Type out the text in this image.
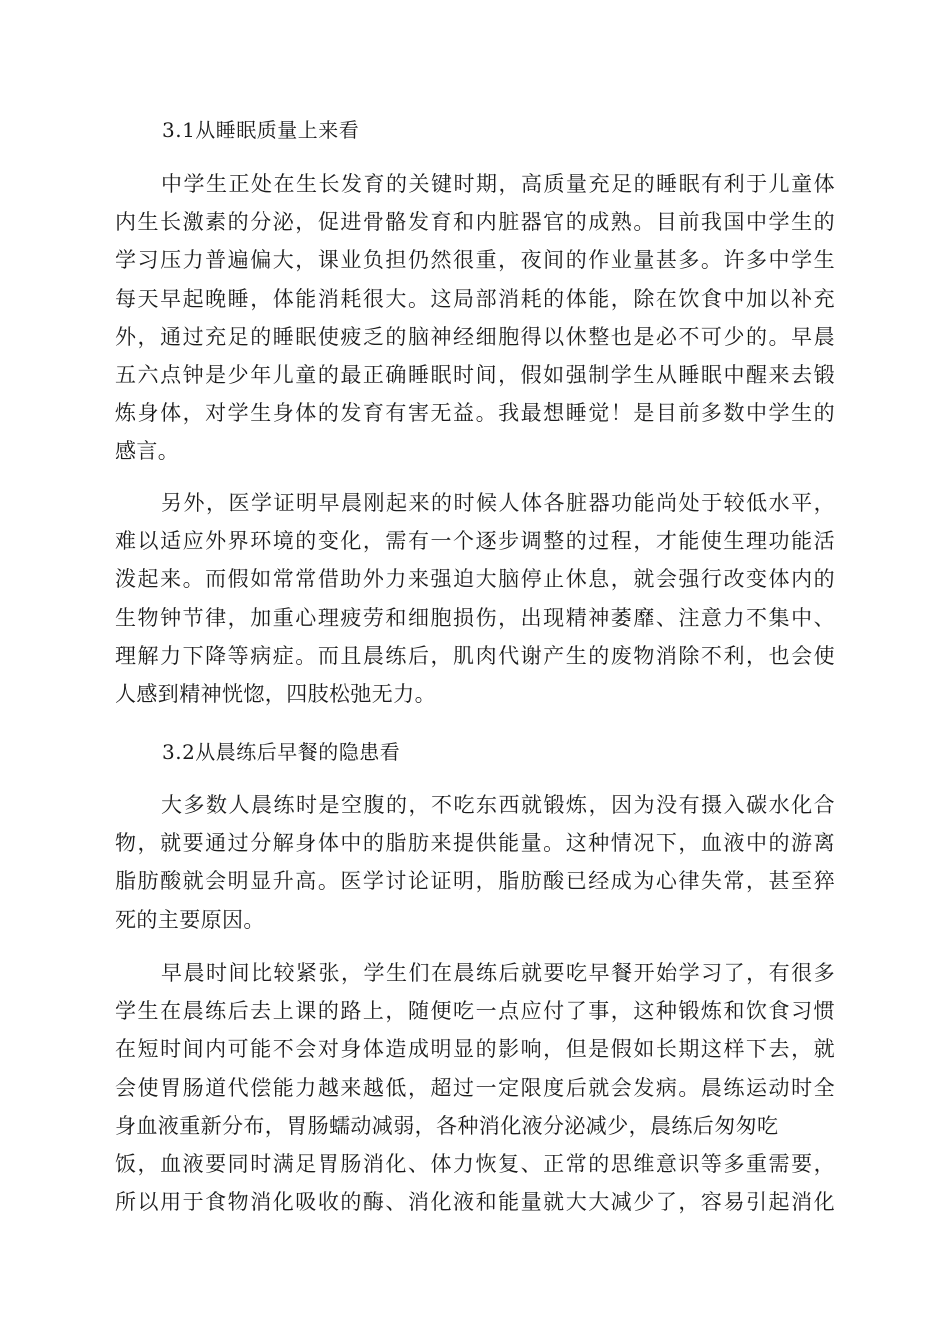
3.1从睡眠质量上来看
中学生正处在生长发育的关键时期，高质量充足的睡眠有利于儿童体
内生长激素的分泌，促进骨骼发育和内脏器官的成熟。目前我国中学生的
学习压力普遍偏大，课业负担仍然很重，夜间的作业量甚多。许多中学生
每天早起晚睡，体能消耗很大。这局部消耗的体能，除在饮食中加以补充
外，通过充足的睡眠使疲乏的脑神经细胞得以休整也是必不可少的。早晨
五六点钟是少年儿童的最正确睡眠时间，假如强制学生从睡眠中醒来去锻
炼身体，对学生身体的发育有害无益。我最想睡觉！是目前多数中学生的
感言。
另外，医学证明早晨刚起来的时候人体各脏器功能尚处于较低水平，
难以适应外界环境的变化，需有一个逐步调整的过程，才能使生理功能活
泼起来。而假如常常借助外力来强迫大脑停止休息，就会强行改变体内的
生物钟节律，加重心理疲劳和细胞损伤，出现精神萎靡、注意力不集中、
理解力下降等病症。而且晨练后，肌肉代谢产生的废物消除不利，也会使
人感到精神恍惚，四肢松弛无力。
3.2从晨练后早餐的隐患看
大多数人晨练时是空腹的，不吃东西就锻炼，因为没有摄入碳水化合
物，就要通过分解身体中的脂肪来提供能量。这种情况下，血液中的游离
脂肪酸就会明显升高。医学讨论证明，脂肪酸已经成为心律失常，甚至猝
死的主要原因。
早晨时间比较紧张，学生们在晨练后就要吃早餐开始学习了，有很多
学生在晨练后去上课的路上，随便吃一点应付了事，这种锻炼和饮食习惯
在短时间内可能不会对身体造成明显的影响，但是假如长期这样下去，就
会使胃肠道代偿能力越来越低，超过一定限度后就会发病。晨练运动时全
身血液重新分布，胃肠蠕动减弱，各种消化液分泌减少，晨练后匆匆吃
饭，血液要同时满足胃肠消化、体力恢复、正常的思维意识等多重需要，
所以用于食物消化吸收的酶、消化液和能量就大大减少了，容易引起消化
